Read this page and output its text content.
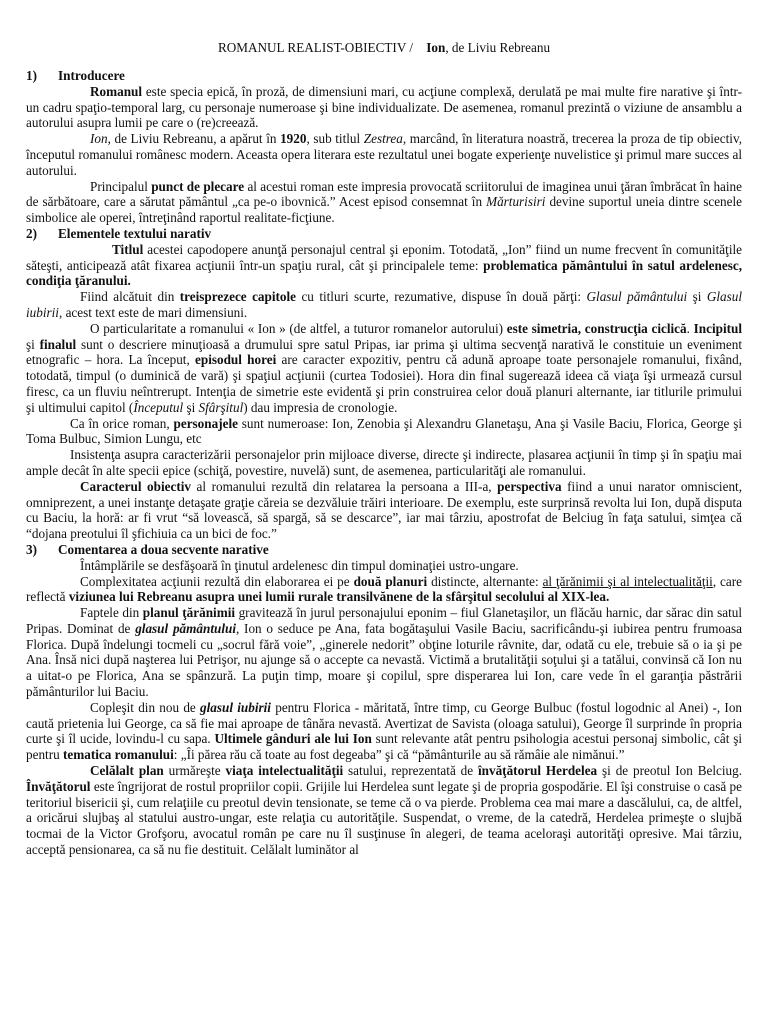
ROMANUL REALIST-OBIECTIV / Ion, de Liviu Rebreanu
1) Introducere

Romanul este specia epică, în proză, de dimensiuni mari, cu acţiune complexă, derulată pe mai multe fire narative şi într-un cadru spaţio-temporal larg, cu personaje numeroase şi bine individualizate. De asemenea, romanul prezintă o viziune de ansamblu a autorului asupra lumii pe care o (re)creează.

Ion, de Liviu Rebreanu, a apărut în 1920, sub titlul Zestrea, marcând, în literatura noastră, trecerea la proza de tip obiectiv, începutul romanului românesc modern. Aceasta opera literara este rezultatul unei bogate experienţe nuvelistice şi primul mare succes al autorului.

Principalul punct de plecare al acestui roman este impresia provocată scriitorului de imaginea unui ţăran îmbrăcat în haine de sărbătoare, care a sărutat pământul „ca pe-o ibovnică.” Acest episod consemnat în Mărturisiri devine suportul uneia dintre scenele simbolice ale operei, întreţinând raportul realitate-ficţiune.

2) Elementele textului narativ

Titlul acestei capodopere anunţă personajul central şi eponim. Totodată, „Ion” fiind un nume frecvent în comunităţile săteşti, anticipează atât fixarea acţiunii într-un spaţiu rural, cât şi principalele teme: problematica pământului în satul ardelenesc, condiţia ţăranului.

Fiind alcătuit din treisprezece capitole cu titluri scurte, rezumative, dispuse în două părţi: Glasul pământului şi Glasul iubirii, acest text este de mari dimensiuni.

O particularitate a romanului « Ion » (de altfel, a tuturor romanelor autorului) este simetria, construcţia ciclică. Incipitul şi finalul sunt o descriere minuţioasă a drumului spre satul Pripas, iar prima şi ultima secvenţă narativă le constituie un eveniment etnografic – hora. La început, episodul horei are caracter expozitiv, pentru că adună aproape toate personajele romanului, fixând, totodată, timpul (o duminică de vară) şi spaţiul acţiunii (curtea Todosiei). Hora din final sugerează ideea că viaţa îşi urmează cursul firesc, ca un fluviu neîntrerupt. Intenţia de simetrie este evidentă şi prin construirea celor două planuri alternante, iar titlurile primului şi ultimului capitol (Începutul şi Sfârşitul) dau impresia de cronologie.

Ca în orice roman, personajele sunt numeroase: Ion, Zenobia şi Alexandru Glanetaşu, Ana şi Vasile Baciu, Florica, George şi Toma Bulbuc, Simion Lungu, etc

Insistenţa asupra caracterizării personajelor prin mijloace diverse, directe şi indirecte, plasarea acţiunii în timp şi în spaţiu mai ample decât în alte specii epice (schiţă, povestire, nuvelă) sunt, de asemenea, particularităţi ale romanului.

Caracterul obiectiv al romanului rezultă din relatarea la persoana a III-a, perspectiva fiind a unui narator omniscient, omniprezent, a unei instanţe detaşate graţie căreia se dezvăluie trăiri interioare. De exemplu, este surprinsă revolta lui Ion, după disputa cu Baciu, la horă: ar fi vrut “să lovească, să spargă, să se descarce”, iar mai târziu, apostrofat de Belciug în faţa satului, simţea că “dojana preotului îl şfichiuia ca un bici de foc.”

3) Comentarea a doua secvente narative

Întâmplările se desfăşoară în ţinutul ardelenesc din timpul dominaţiei ustro-ungare.

Complexitatea acţiunii rezultă din elaborarea ei pe două planuri distincte, alternante: al ţărănimii şi al intelectualităţii, care reflectă viziunea lui Rebreanu asupra unei lumii rurale transilvănene de la sfârşitul secolului al XIX-lea.

Faptele din planul ţărănimii gravitează în jurul personajului eponim – fiul Glanetaşilor, un flăcău harnic, dar sărac din satul Pripas. Dominat de glasul pământului, Ion o seduce pe Ana, fata bogătaşului Vasile Baciu, sacrificându-şi iubirea pentru frumoasa Florica. După îndelungi tocmeli cu „socrul fără voie”, „ginerele nedorit” obţine loturile râvnite, dar, odată cu ele, trebuie să o ia şi pe Ana. Însă nici după naşterea lui Petrişor, nu ajunge să o accepte ca nevastă. Victimă a brutalităţii soţului şi a tatălui, convinsă că Ion nu a uitat-o pe Florica, Ana se spânzură. La puţin timp, moare şi copilul, spre disperarea lui Ion, care vede în el garanţia păstrării pământurilor lui Baciu.

Copleşit din nou de glasul iubirii pentru Florica - măritată, între timp, cu George Bulbuc (fostul logodnic al Anei) -, Ion caută prietenia lui George, ca să fie mai aproape de tânăra nevastă. Avertizat de Savista (oloaga satului), George îl surprinde în propria curte şi îl ucide, lovindu-l cu sapa. Ultimele gânduri ale lui Ion sunt relevante atât pentru psihologia acestui personaj simbolic, cât şi pentru tematica romanului: „Îi părea rău că toate au fost degeaba” şi că “pământurile au să rămâie ale nimănui.”

Celălalt plan urmăreşte viaţa intelectualităţii satului, reprezentată de învăţătorul Herdelea şi de preotul Ion Belciug. Învăţătorul este îngrijorat de rostul propriilor copii. Grijile lui Herdelea sunt legate şi de propria gospodărie. El îşi construise o casă pe teritoriul bisericii şi, cum relaţiile cu preotul devin tensionate, se teme că o va pierde. Problema cea mai mare a dascălului, ca, de altfel, a oricărui slujbaş al statului austro-ungar, este relaţia cu autorităţile. Suspendat, o vreme, de la catedră, Herdelea primeşte o slujbă tocmai de la Victor Grofşoru, avocatul român pe care nu îl susţinuse în alegeri, de teama aceloraşi autorităţi opresive. Mai târziu, acceptă pensionarea, ca să nu fie destituit. Celălalt luminător al
